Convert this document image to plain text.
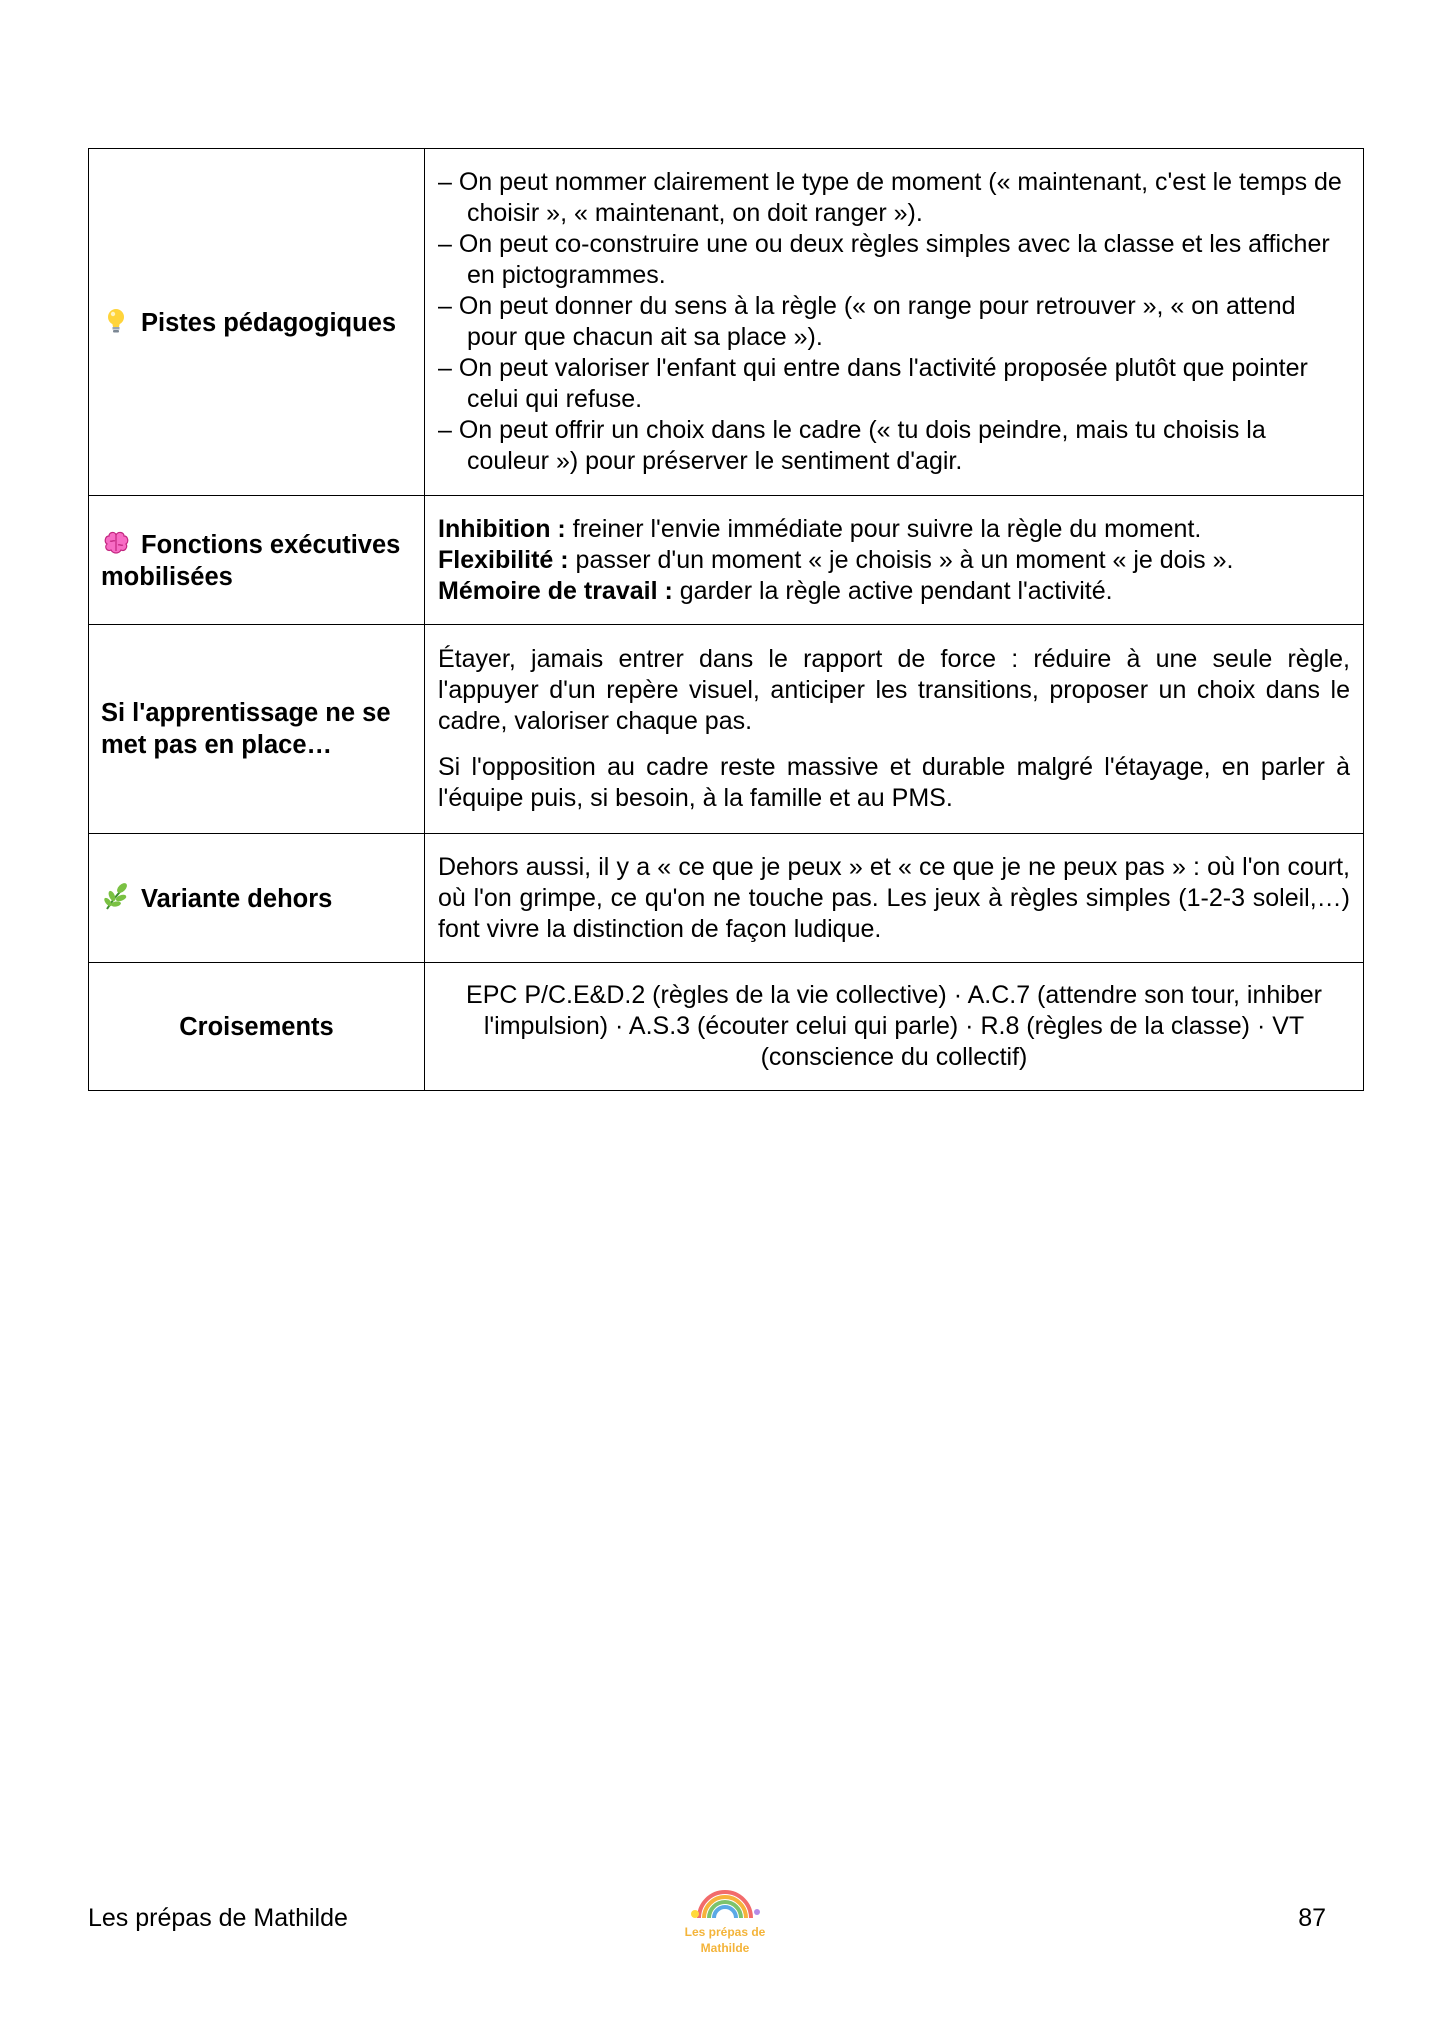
Pistes pédagogiques	– On peut nommer clairement le type de moment (« maintenant, c'est le temps de choisir », « maintenant, on doit ranger »).
– On peut co-construire une ou deux règles simples avec la classe et les afficher en pictogrammes.
– On peut donner du sens à la règle (« on range pour retrouver », « on attend pour que chacun ait sa place »).
– On peut valoriser l'enfant qui entre dans l'activité proposée plutôt que pointer celui qui refuse.
– On peut offrir un choix dans le cadre (« tu dois peindre, mais tu choisis la couleur ») pour préserver le sentiment d'agir.

Fonctions exécutives mobilisées	Inhibition : freiner l'envie immédiate pour suivre la règle du moment.
Flexibilité : passer d'un moment « je choisis » à un moment « je dois ».
Mémoire de travail : garder la règle active pendant l'activité.

Si l'apprentissage ne se met pas en place…	Étayer, jamais entrer dans le rapport de force : réduire à une seule règle, l'appuyer d'un repère visuel, anticiper les transitions, proposer un choix dans le cadre, valoriser chaque pas.
Si l'opposition au cadre reste massive et durable malgré l'étayage, en parler à l'équipe puis, si besoin, à la famille et au PMS.

Variante dehors	Dehors aussi, il y a « ce que je peux » et « ce que je ne peux pas » : où l'on court, où l'on grimpe, ce qu'on ne touche pas. Les jeux à règles simples (1-2-3 soleil,…) font vivre la distinction de façon ludique.

Croisements	EPC P/C.E&D.2 (règles de la vie collective) · A.C.7 (attendre son tour, inhiber l'impulsion) · A.S.3 (écouter celui qui parle) · R.8 (règles de la classe) · VT (conscience du collectif)
Les prépas de Mathilde	Les prépas de
Mathilde
87
